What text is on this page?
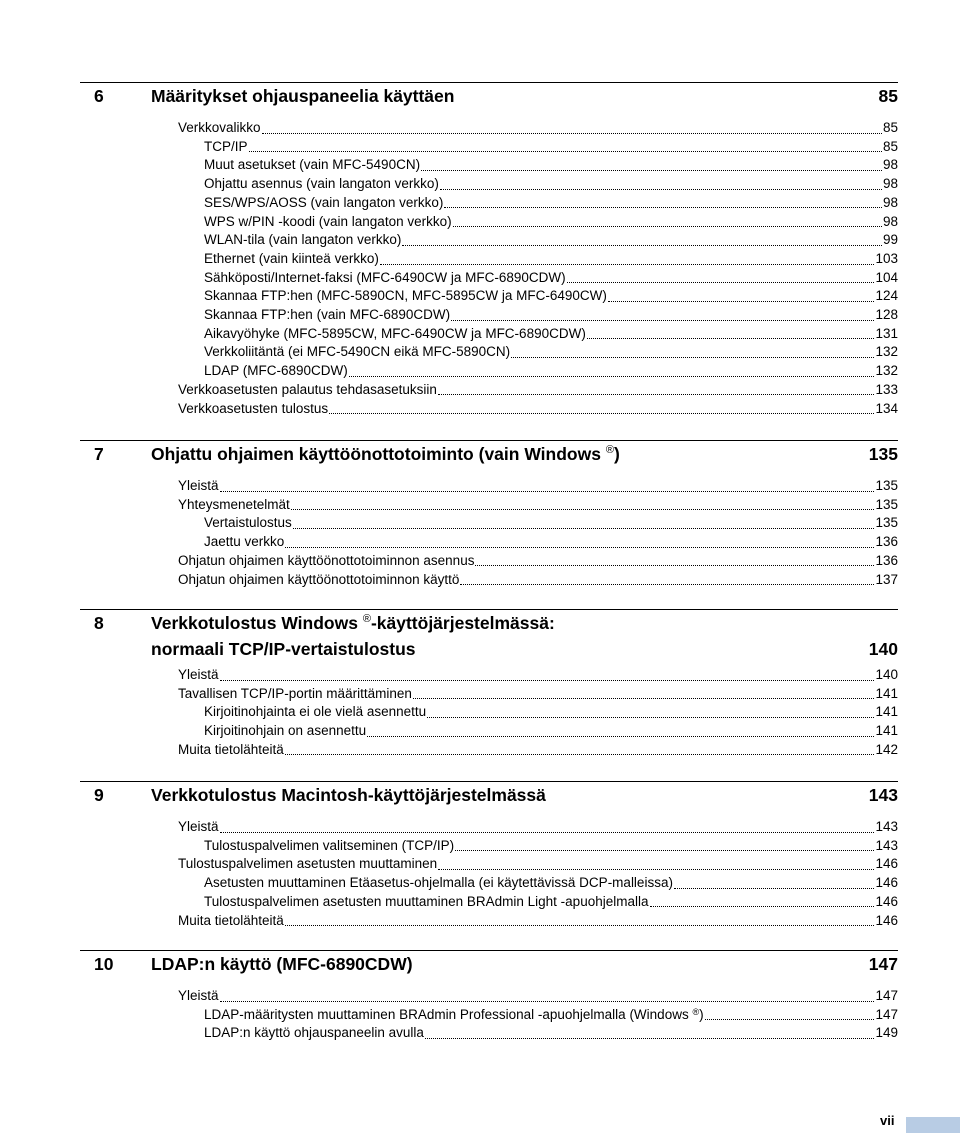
6	Määritykset ohjauspaneelia käyttäen	85
Verkkovalikko	85
TCP/IP	85
Muut asetukset (vain MFC-5490CN)	98
Ohjattu asennus (vain langaton verkko)	98
SES/WPS/AOSS (vain langaton verkko)	98
WPS w/PIN -koodi (vain langaton verkko)	98
WLAN-tila (vain langaton verkko)	99
Ethernet (vain kiinteä verkko)	103
Sähköposti/Internet-faksi (MFC-6490CW ja MFC-6890CDW)	104
Skannaa FTP:hen (MFC-5890CN, MFC-5895CW ja MFC-6490CW)	124
Skannaa FTP:hen (vain MFC-6890CDW)	128
Aikavyöhyke (MFC-5895CW, MFC-6490CW ja MFC-6890CDW)	131
Verkkoliitäntä (ei MFC-5490CN eikä MFC-5890CN)	132
LDAP (MFC-6890CDW)	132
Verkkoasetusten palautus tehdasasetuksiin	133
Verkkoasetusten tulostus	134
7	Ohjattu ohjaimen käyttöönottotoiminto (vain Windows ®)	135
Yleistä	135
Yhteysmenetelmät	135
Vertaistulostus	135
Jaettu verkko	136
Ohjatun ohjaimen käyttöönottotoiminnon asennus	136
Ohjatun ohjaimen käyttöönottotoiminnon käyttö	137
8	Verkkotulostus Windows ®-käyttöjärjestelmässä:
normaali TCP/IP-vertaistulostus	140
Yleistä	140
Tavallisen TCP/IP-portin määrittäminen	141
Kirjoitinohjainta ei ole vielä asennettu	141
Kirjoitinohjain on asennettu	141
Muita tietolähteitä	142
9	Verkkotulostus Macintosh-käyttöjärjestelmässä	143
Yleistä	143
Tulostuspalvelimen valitseminen (TCP/IP)	143
Tulostuspalvelimen asetusten muuttaminen	146
Asetusten muuttaminen Etäasetus-ohjelmalla (ei käytettävissä DCP-malleissa)	146
Tulostuspalvelimen asetusten muuttaminen BRAdmin Light -apuohjelmalla	146
Muita tietolähteitä	146
10	LDAP:n käyttö (MFC-6890CDW)	147
Yleistä	147
LDAP-määritysten muuttaminen BRAdmin Professional -apuohjelmalla (Windows ®)	147
LDAP:n käyttö ohjauspaneelin avulla	149
vii
